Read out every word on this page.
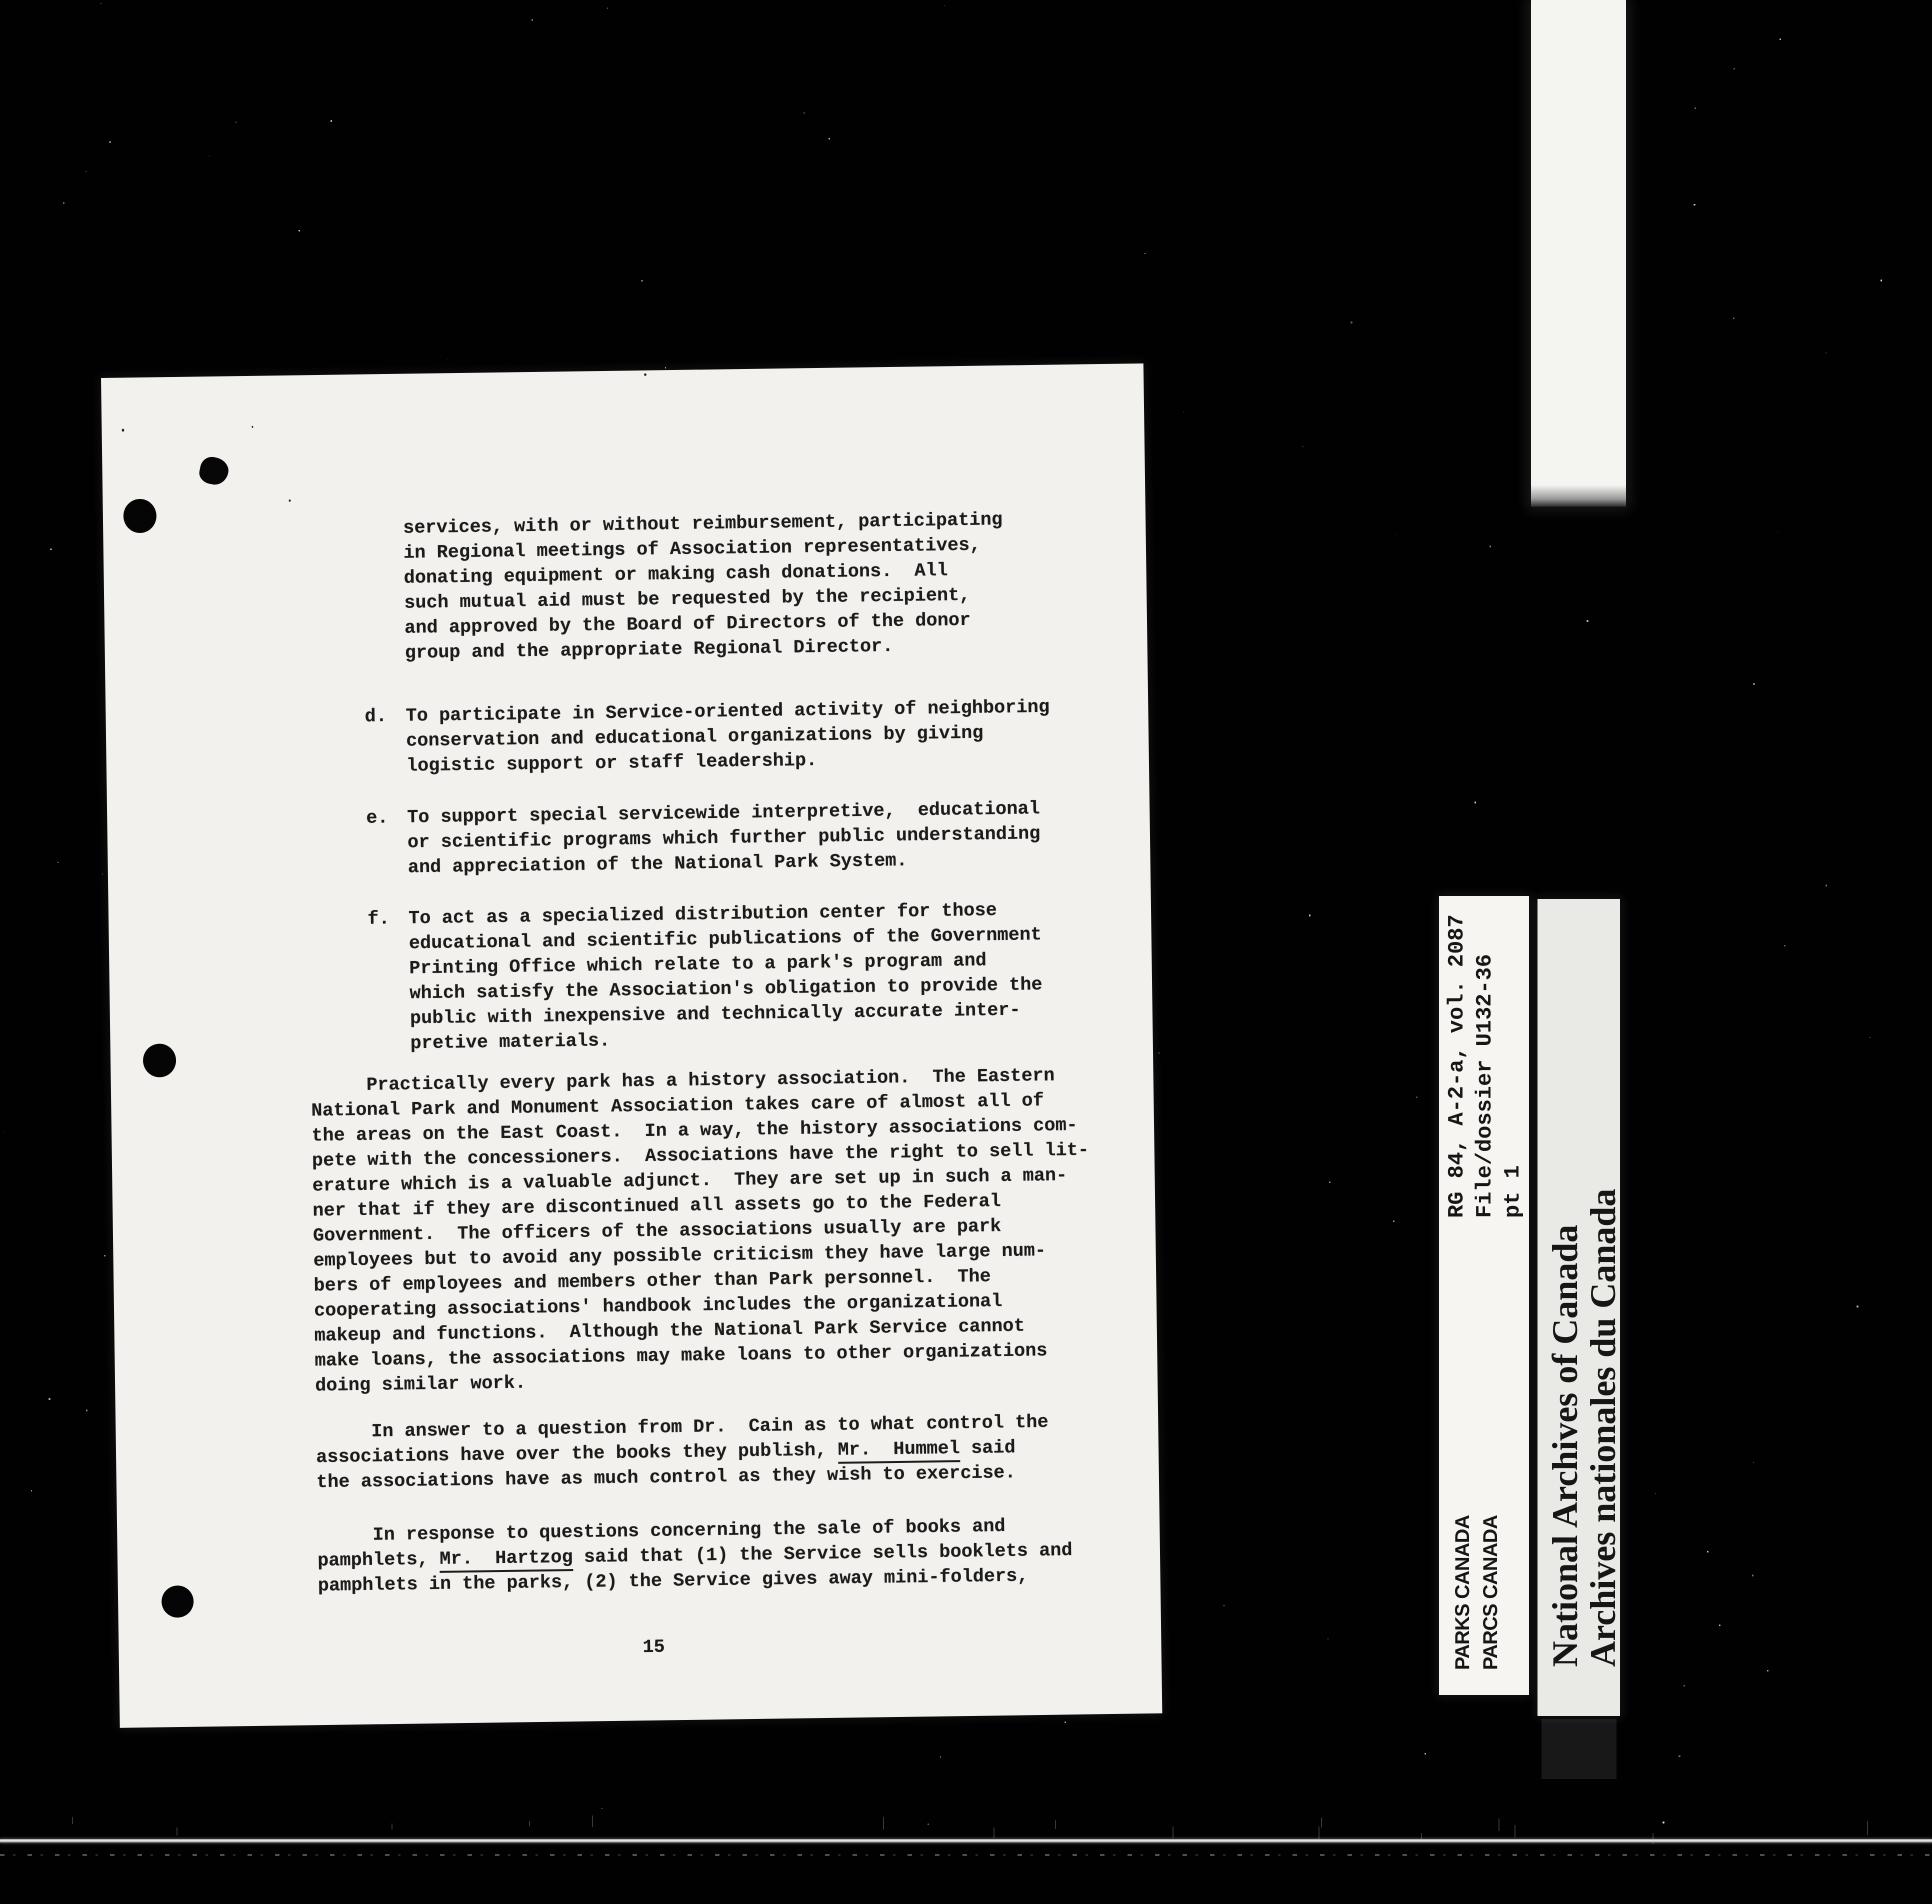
services, with or without reimbursement, participating
in Regional meetings of Association representatives,
donating equipment or making cash donations.  All
such mutual aid must be requested by the recipient,
and approved by the Board of Directors of the donor
group and the appropriate Regional Director.
d. To participate in Service-oriented activity of neighboring
conservation and educational organizations by giving
logistic support or staff leadership.
e. To support special servicewide interpretive,  educational
or scientific programs which further public understanding
and appreciation of the National Park System.
f. To act as a specialized distribution center for those
educational and scientific publications of the Government
Printing Office which relate to a park's program and
which satisfy the Association's obligation to provide the
public with inexpensive and technically accurate inter-
pretive materials.
Practically every park has a history association.  The Eastern
National Park and Monument Association takes care of almost all of
the areas on the East Coast.  In a way, the history associations com-
pete with the concessioners.  Associations have the right to sell lit-
erature which is a valuable adjunct.  They are set up in such a man-
ner that if they are discontinued all assets go to the Federal
Government.  The officers of the associations usually are park
employees but to avoid any possible criticism they have large num-
bers of employees and members other than Park personnel.  The
cooperating associations' handbook includes the organizational
makeup and functions.  Although the National Park Service cannot
make loans, the associations may make loans to other organizations
doing similar work.
In answer to a question from Dr.  Cain as to what control the
associations have over the books they publish, Mr.  Hummel said
the associations have as much control as they wish to exercise.
In response to questions concerning the sale of books and
pamphlets, Mr.  Hartzog said that (1) the Service sells booklets and
pamphlets in the parks, (2) the Service gives away mini-folders,
15
RG 84, A-2-a, vol. 2087 File/dossier U132-36 pt 1
PARKS CANADA PARCS CANADA National Archives of Canada
Archives nationales du Canada
